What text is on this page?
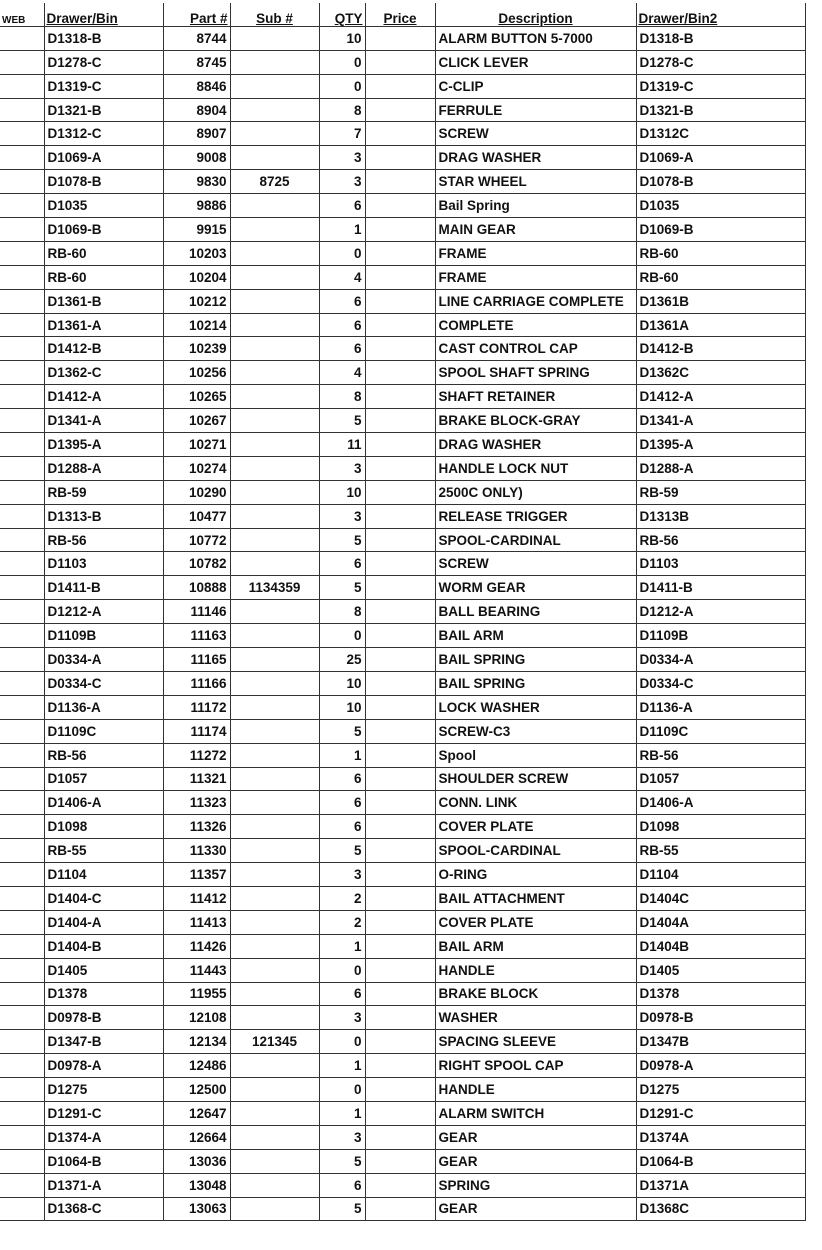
WEB	Drawer/Bin	Part #	Sub #	QTY	Price	Description	Drawer/Bin2
	D1318-B	8744		10		ALARM BUTTON 5-7000	D1318-B
	D1278-C	8745		0		CLICK LEVER	D1278-C
	D1319-C	8846		0		C-CLIP	D1319-C
	D1321-B	8904		8		FERRULE	D1321-B
	D1312-C	8907		7		SCREW	D1312C
	D1069-A	9008		3		DRAG WASHER	D1069-A
	D1078-B	9830	8725	3		STAR WHEEL	D1078-B
	D1035	9886		6		Bail Spring	D1035
	D1069-B	9915		1		MAIN GEAR	D1069-B
	RB-60	10203		0		FRAME	RB-60
	RB-60	10204		4		FRAME	RB-60
	D1361-B	10212		6		LINE CARRIAGE COMPLETE	D1361B
	D1361-A	10214		6		COMPLETE	D1361A
	D1412-B	10239		6		CAST CONTROL CAP	D1412-B
	D1362-C	10256		4		SPOOL SHAFT SPRING	D1362C
	D1412-A	10265		8		SHAFT RETAINER	D1412-A
	D1341-A	10267		5		BRAKE BLOCK-GRAY	D1341-A
	D1395-A	10271		11		DRAG WASHER	D1395-A
	D1288-A	10274		3		HANDLE LOCK NUT	D1288-A
	RB-59	10290		10		2500C ONLY)	RB-59
	D1313-B	10477		3		RELEASE TRIGGER	D1313B
	RB-56	10772		5		SPOOL-CARDINAL	RB-56
	D1103	10782		6		SCREW	D1103
	D1411-B	10888	1134359	5		WORM GEAR	D1411-B
	D1212-A	11146		8		BALL BEARING	D1212-A
	D1109B	11163		0		BAIL ARM	D1109B
	D0334-A	11165		25		BAIL SPRING	D0334-A
	D0334-C	11166		10		BAIL SPRING	D0334-C
	D1136-A	11172		10		LOCK WASHER	D1136-A
	D1109C	11174		5		SCREW-C3	D1109C
	RB-56	11272		1		Spool	RB-56
	D1057	11321		6		SHOULDER SCREW	D1057
	D1406-A	11323		6		CONN. LINK	D1406-A
	D1098	11326		6		COVER PLATE	D1098
	RB-55	11330		5		SPOOL-CARDINAL	RB-55
	D1104	11357		3		O-RING	D1104
	D1404-C	11412		2		BAIL ATTACHMENT	D1404C
	D1404-A	11413		2		COVER PLATE	D1404A
	D1404-B	11426		1		BAIL ARM	D1404B
	D1405	11443		0		HANDLE	D1405
	D1378	11955		6		BRAKE BLOCK	D1378
	D0978-B	12108		3		WASHER	D0978-B
	D1347-B	12134	121345	0		SPACING SLEEVE	D1347B
	D0978-A	12486		1		RIGHT SPOOL CAP	D0978-A
	D1275	12500		0		HANDLE	D1275
	D1291-C	12647		1		ALARM SWITCH	D1291-C
	D1374-A	12664		3		GEAR	D1374A
	D1064-B	13036		5		GEAR	D1064-B
	D1371-A	13048		6		SPRING	D1371A
	D1368-C	13063		5		GEAR	D1368C
